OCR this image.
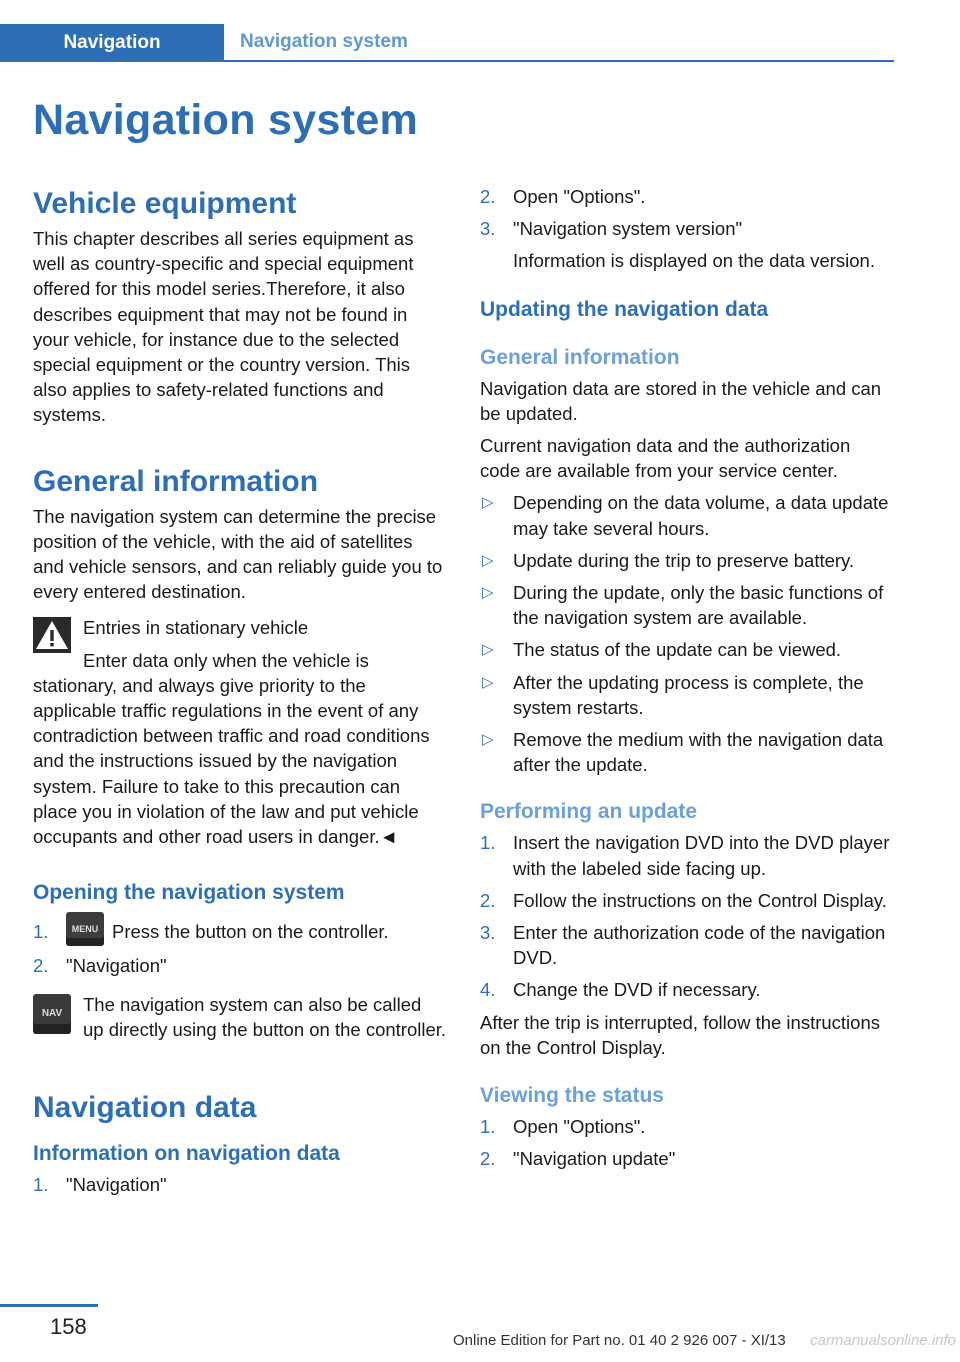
Navigation	Navigation system
Navigation system
Vehicle equipment

This chapter describes all series equipment as well as country-specific and special equipment offered for this model series.Therefore, it also describes equipment that may not be found in your vehicle, for instance due to the selected special equipment or the country version. This also applies to safety-related functions and systems.

General information

The navigation system can determine the precise position of the vehicle, with the aid of satellites and vehicle sensors, and can reliably guide you to every entered destination.

Entries in stationary vehicle

Enter data only when the vehicle is stationary, and always give priority to the applicable traffic regulations in the event of any contradiction between traffic and road conditions and the instructions issued by the navigation system. Failure to take to this precaution can place you in violation of the law and put vehicle occupants and other road users in danger.◄

Opening the navigation system
1.	MENU Press the button on the controller.
2. "Navigation"
NAV	The navigation system can also be called up directly using the button on the controller.

Navigation data
Information on navigation data
1. "Navigation"
2. Open "Options".
3. "Navigation system version"

Information is displayed on the data version.

Updating the navigation data
General information

Navigation data are stored in the vehicle and can be updated.

Current navigation data and the authorization code are available from your service center.

▷ Depending on the data volume, a data update may take several hours.
▷ Update during the trip to preserve battery.
▷ During the update, only the basic functions of the navigation system are available.
▷ The status of the update can be viewed.
▷ After the updating process is complete, the system restarts.
▷ Remove the medium with the navigation data after the update.
Performing an update
1. Insert the navigation DVD into the DVD player with the labeled side facing up.
2. Follow the instructions on the Control Display.
3. Enter the authorization code of the navigation DVD.
4. Change the DVD if necessary.

After the trip is interrupted, follow the instructions on the Control Display.

Viewing the status
1. Open "Options".
2. "Navigation update"
158
Online Edition for Part no. 01 40 2 926 007 - XI/13 carmanualsonline.info
